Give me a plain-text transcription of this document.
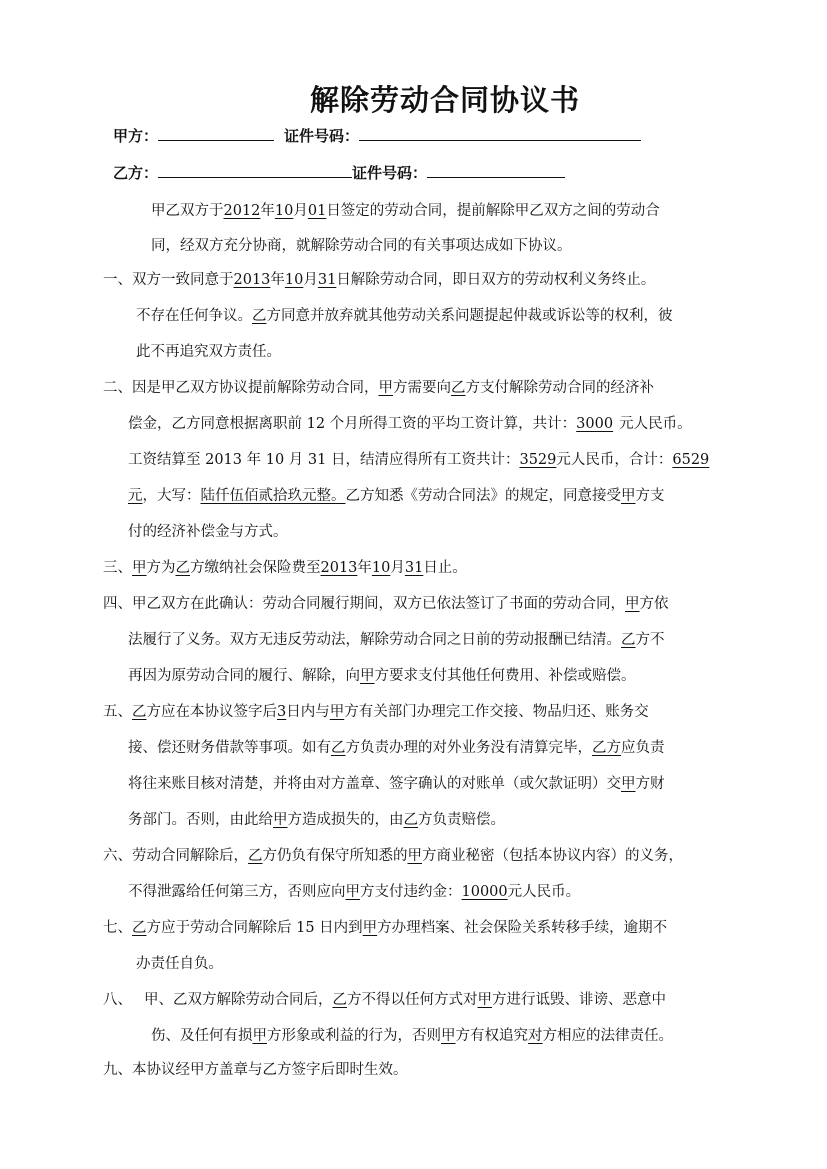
解除劳动合同协议书
甲方：	证件号码：
乙方：	证件号码：
甲乙双方于2012年10月01日签定的劳动合同，提前解除甲乙双方之间的劳动合
同，经双方充分协商，就解除劳动合同的有关事项达成如下协议。
一、双方一致同意于2013年10月31日解除劳动合同，即日双方的劳动权利义务终止。
不存在任何争议。乙方同意并放弃就其他劳动关系问题提起仲裁或诉讼等的权利，彼
此不再追究双方责任。
二、因是甲乙双方协议提前解除劳动合同，甲方需要向乙方支付解除劳动合同的经济补
偿金，乙方同意根据离职前 12 个月所得工资的平均工资计算，共计：3000 元人民币。
工资结算至 2013 年 10 月 31 日，结清应得所有工资共计：3529元人民币，合计：6529
元，大写：陆仟伍佰贰拾玖元整。乙方知悉《劳动合同法》的规定，同意接受甲方支
付的经济补偿金与方式。
三、甲方为乙方缴纳社会保险费至2013年10月31日止。
四、甲乙双方在此确认：劳动合同履行期间，双方已依法签订了书面的劳动合同，甲方依
法履行了义务。双方无违反劳动法，解除劳动合同之日前的劳动报酬已结清。乙方不
再因为原劳动合同的履行、解除，向甲方要求支付其他任何费用、补偿或赔偿。
五、乙方应在本协议签字后3日内与甲方有关部门办理完工作交接、物品归还、账务交
接、偿还财务借款等事项。如有乙方负责办理的对外业务没有清算完毕，乙方应负责
将往来账目核对清楚，并将由对方盖章、签字确认的对账单（或欠款证明）交甲方财
务部门。否则，由此给甲方造成损失的，由乙方负责赔偿。
六、劳动合同解除后，乙方仍负有保守所知悉的甲方商业秘密（包括本协议内容）的义务，
不得泄露给任何第三方，否则应向甲方支付违约金：10000元人民币。
七、乙方应于劳动合同解除后 15 日内到甲方办理档案、社会保险关系转移手续，逾期不
办责任自负。
八、 甲、乙双方解除劳动合同后，乙方不得以任何方式对甲方进行诋毁、诽谤、恶意中
伤、及任何有损甲方形象或利益的行为，否则甲方有权追究对方相应的法律责任。
九、本协议经甲方盖章与乙方签字后即时生效。
